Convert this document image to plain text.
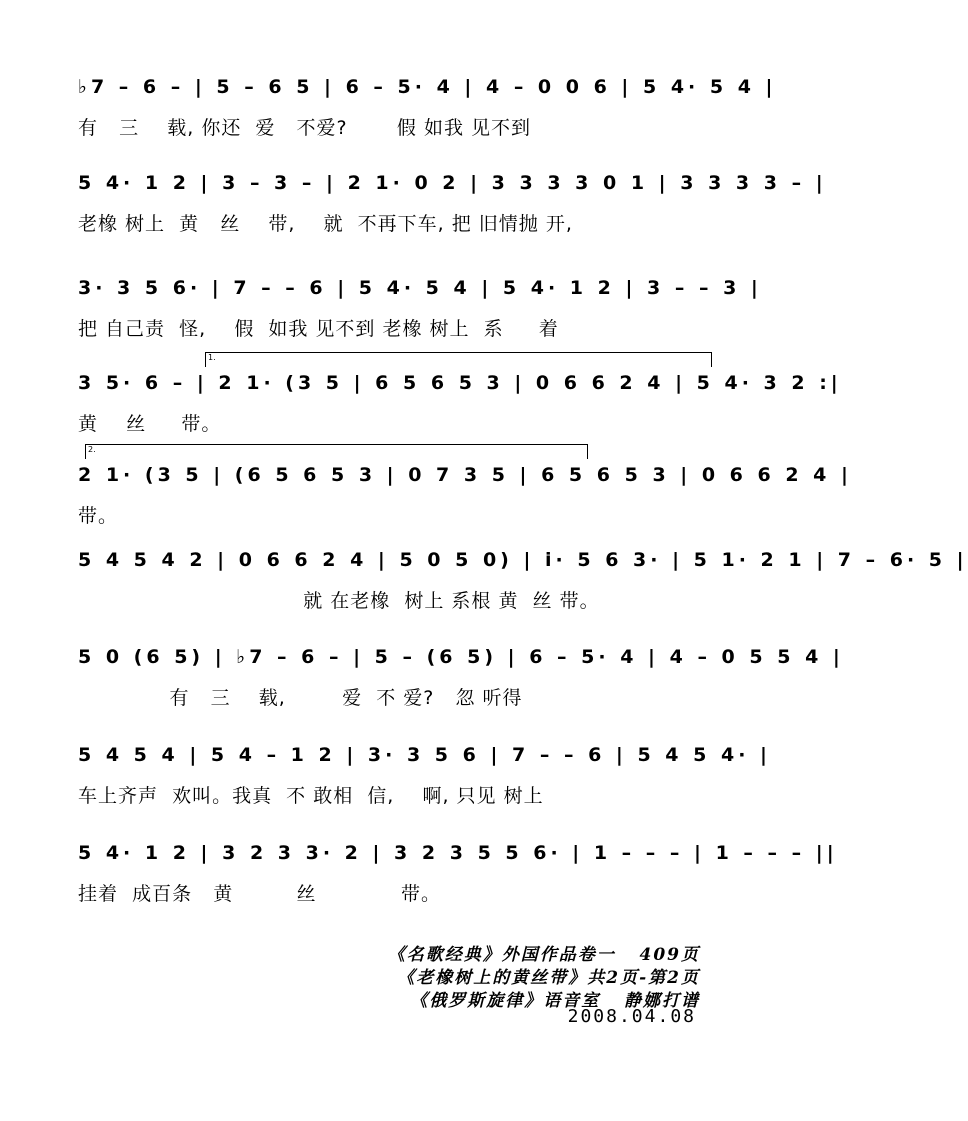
♭7 – 6 – | 5 – 6 5 | 6 – 5· 4 | 4 – 0 0 6 | 5 4· 5 4 |
有   三    载, 你还  爱   不爱?       假 如我 见不到
5 4· 1 2 | 3 – 3 – | 2 1· 0 2 | 3 3 3 3 0 1 | 3 3 3 3 – |
老橡 树上  黄   丝    带,    就  不再下车, 把 旧情抛 开,
3· 3 5 6· | 7 – – 6 | 5 4· 5 4 | 5 4· 1 2 | 3 – – 3 |
把 自己责  怪,    假  如我 见不到 老橡 树上  系     着
3 5· 6 – | 2 1· (3 5 | 6 5 6 5 3 | 0 6 6 2 4 | 5 4· 3 2 :|
黄    丝     带。
2 1· (3 5 | (6 5 6 5 3 | 0 7 3 5 | 6 5 6 5 3 | 0 6 6 2 4 |
带。
5 4 5 4 2 | 0 6 6 2 4 | 5 0 5 0) | i· 5 6 3· | 5 1· 2 1 | 7 – 6· 5 |
就 在老橡  树上 系根 黄  丝 带。
5 0 (6 5) | ♭7 – 6 – | 5 – (6 5) | 6 – 5· 4 | 4 – 0 5 5 4 |
有   三    载,        爱  不 爱?   忽 听得
5 4 5 4 | 5 4 – 1 2 | 3· 3 5 6 | 7 – – 6 | 5 4 5 4· |
车上齐声  欢叫。我真  不 敢相  信,    啊, 只见 树上
5 4· 1 2 | 3 2 3 3· 2 | 3 2 3 5 5 6· | 1 – – – | 1 – – – ||
挂着  成百条   黄         丝            带。
1.
2.
《名歌经典》外国作品卷一   409页
《老橡树上的黄丝带》共2页-第2页
《俄罗斯旋律》语音室   静娜打谱
2008.04.08
